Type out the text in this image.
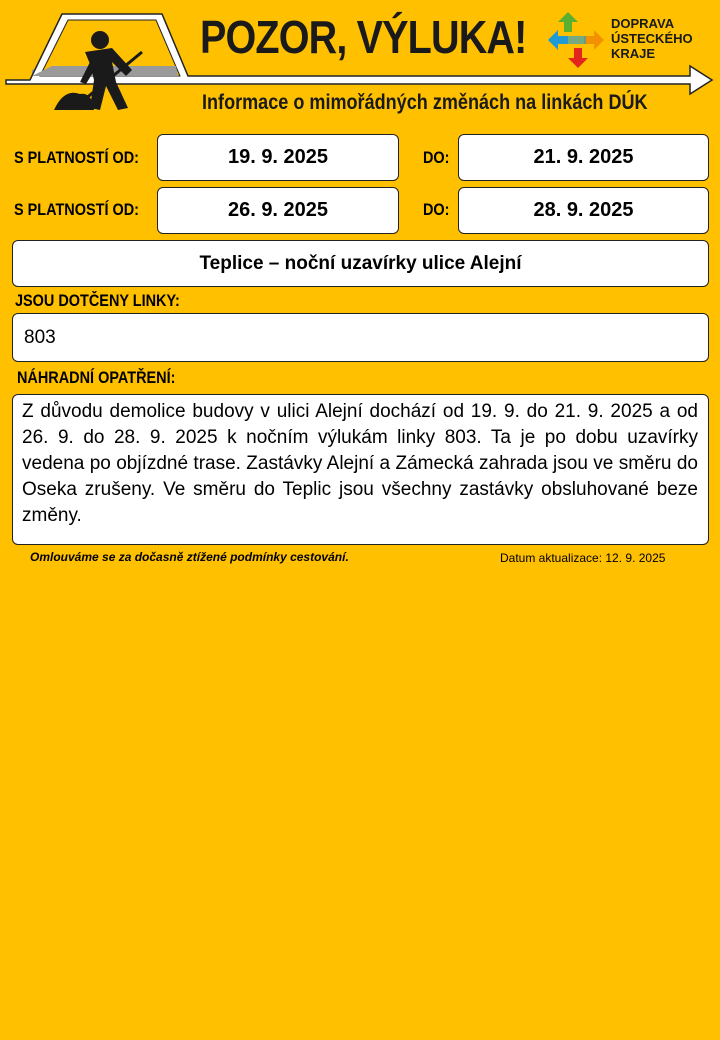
POZOR, VÝLUKA!
Informace o mimořádných změnách na linkách DÚK
DOPRAVA
ÚSTECKÉHO
KRAJE
S PLATNOSTÍ OD:	19. 9. 2025	DO:	21. 9. 2025
S PLATNOSTÍ OD:	26. 9. 2025	DO:	28. 9. 2025
Teplice – noční uzavírky ulice Alejní
JSOU DOTČENY LINKY:
803
NÁHRADNÍ OPATŘENÍ:
Z důvodu demolice budovy v ulici Alejní dochází od 19. 9. do 21. 9. 2025 a od 26. 9. do 28. 9. 2025 k nočním výlukám linky 803. Ta je po dobu uzavírky vedena po objízdné trase. Zastávky Alejní a Zámecká zahrada jsou ve směru do Oseka zrušeny. Ve směru do Teplic jsou všechny zastávky obsluhované beze změny.
Omlouváme se za dočasně ztížené podmínky cestování.	Datum aktualizace: 12. 9. 2025
